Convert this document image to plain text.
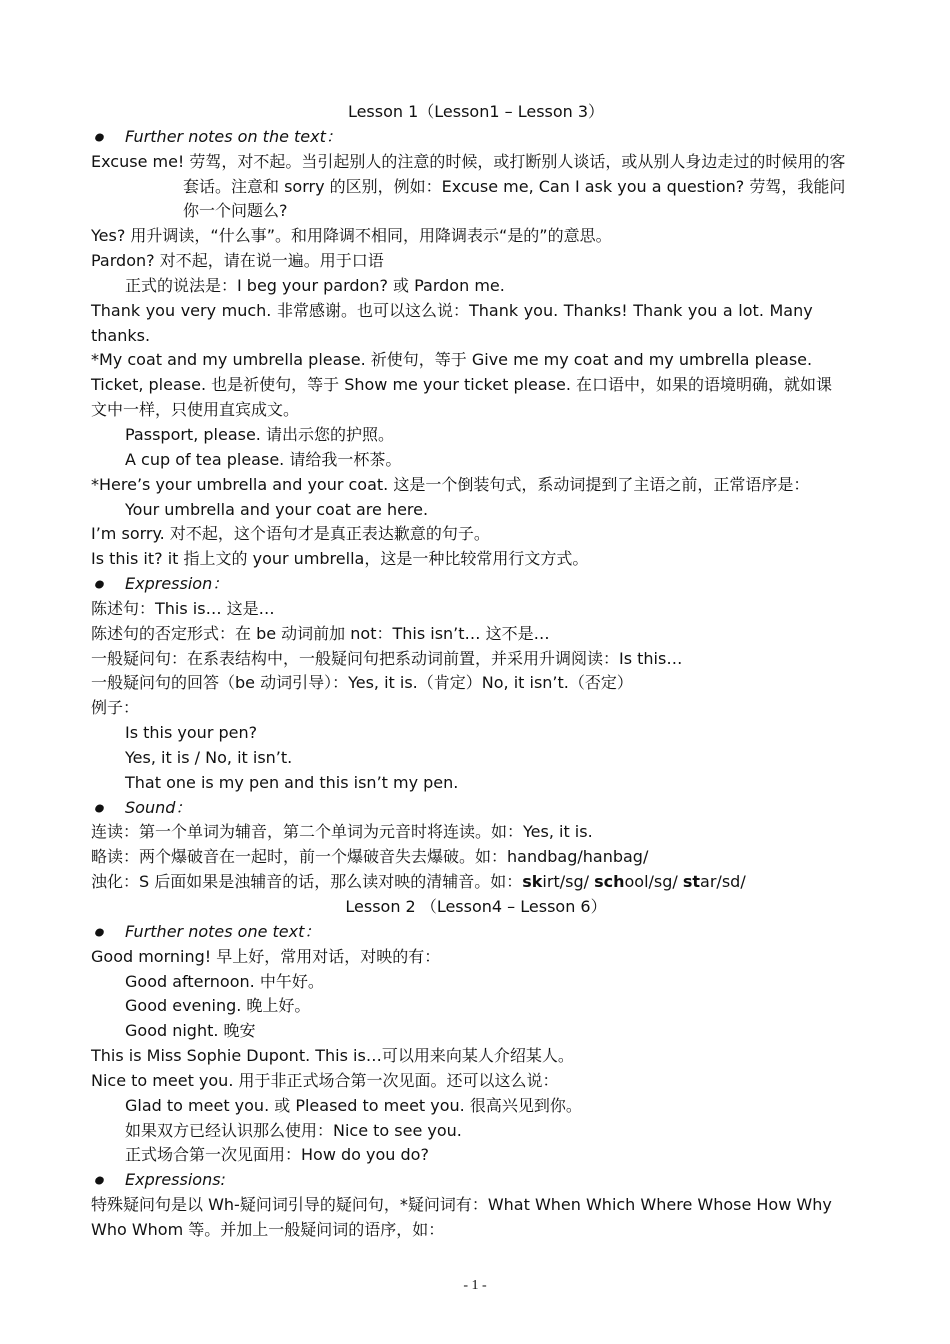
Lesson 1（Lesson1 – Lesson 3）
Further notes on the text：
Excuse me! 劳驾，对不起。当引起别人的注意的时候，或打断别人谈话，或从别人身边走过的时候用的客
套话。注意和 sorry 的区别，例如：Excuse me, Can I ask you a question? 劳驾，我能问
你一个问题么?
Yes? 用升调读，“什么事”。和用降调不相同，用降调表示“是的”的意思。
Pardon? 对不起，请在说一遍。用于口语
正式的说法是：I beg your pardon? 或 Pardon me.
Thank you very much. 非常感谢。也可以这么说：Thank you. Thanks! Thank you a lot. Many
thanks.
*My coat and my umbrella please. 祈使句，等于 Give me my coat and my umbrella please.
Ticket, please. 也是祈使句，等于 Show me your ticket please. 在口语中，如果的语境明确，就如课
文中一样，只使用直宾成文。
Passport, please. 请出示您的护照。
A cup of tea please. 请给我一杯茶。
*Here’s your umbrella and your coat. 这是一个倒装句式，系动词提到了主语之前，正常语序是：
Your umbrella and your coat are here.
I’m sorry. 对不起，这个语句才是真正表达歉意的句子。
Is this it? it 指上文的 your umbrella，这是一种比较常用行文方式。
Expression：
陈述句：This is… 这是…
陈述句的否定形式：在 be 动词前加 not：This isn’t… 这不是…
一般疑问句：在系表结构中，一般疑问句把系动词前置，并采用升调阅读：Is this…
一般疑问句的回答（be 动词引导）：Yes, it is.（肯定）No, it isn’t.（否定）
例子：
Is this your pen?
Yes, it is / No, it isn’t.
That one is my pen and this isn’t my pen.
Sound：
连读：第一个单词为辅音，第二个单词为元音时将连读。如：Yes, it is.
略读：两个爆破音在一起时，前一个爆破音失去爆破。如：handbag/hanbag/
浊化：S 后面如果是浊辅音的话，那么读对映的清辅音。如：skirt/sg/ school/sg/ star/sd/
Lesson 2 （Lesson4 – Lesson 6）
Further notes one text：
Good morning! 早上好，常用对话，对映的有：
Good afternoon. 中午好。
Good evening. 晚上好。
Good night. 晚安
This is Miss Sophie Dupont. This is…可以用来向某人介绍某人。
Nice to meet you. 用于非正式场合第一次见面。还可以这么说：
Glad to meet you. 或 Pleased to meet you. 很高兴见到你。
如果双方已经认识那么使用：Nice to see you.
正式场合第一次见面用：How do you do?
Expressions:
特殊疑问句是以 Wh-疑问词引导的疑问句，*疑问词有：What When Which Where Whose How Why
Who Whom 等。并加上一般疑问词的语序，如：
- 1 -
